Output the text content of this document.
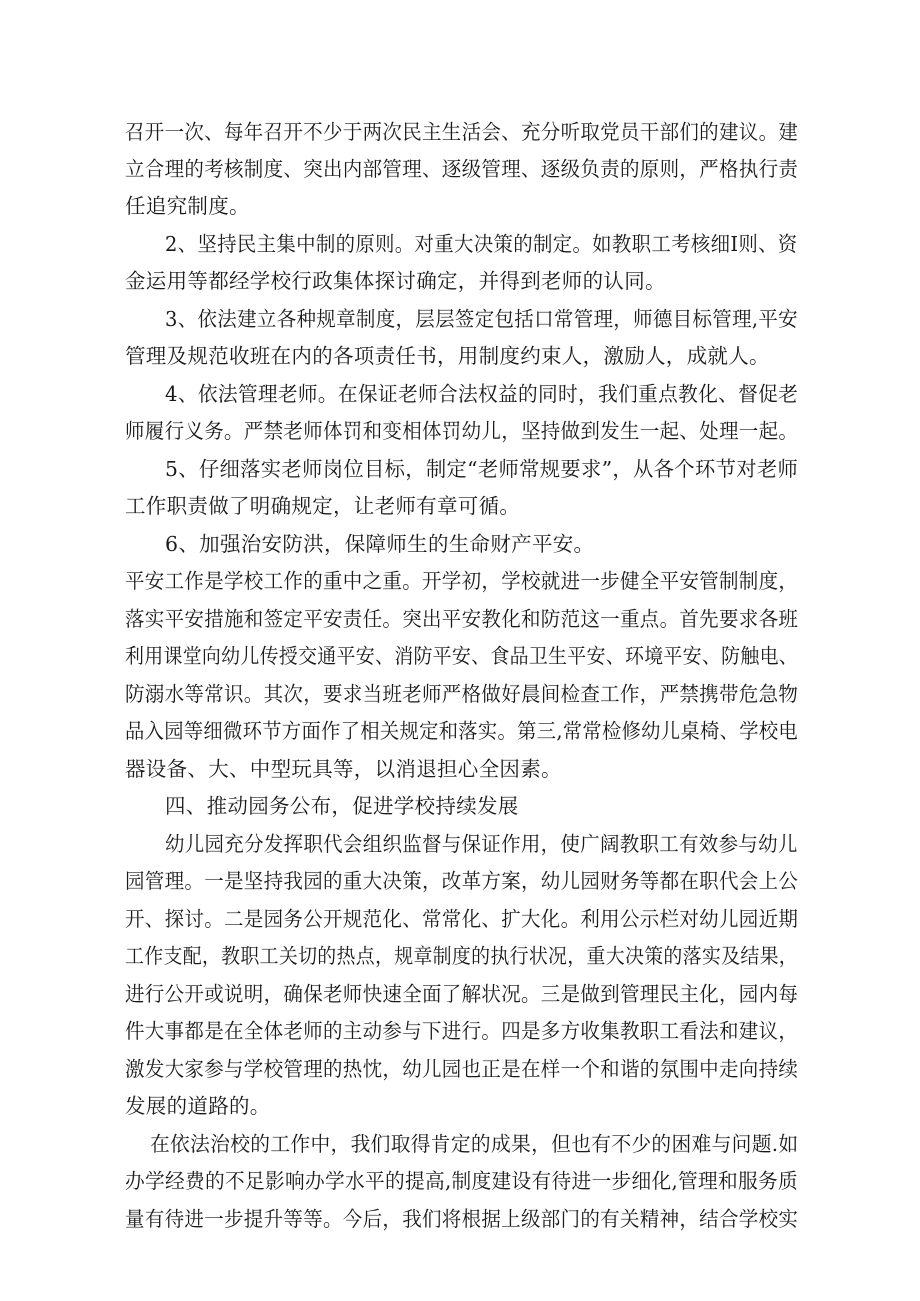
召开一次、每年召开不少于两次民主生活会、充分听取党员干部们的建议。建
立合理的考核制度、突出内部管理、逐级管理、逐级负责的原则，严格执行责
任追究制度。
2、坚持民主集中制的原则。对重大决策的制定。如教职工考核细Ⅰ则、资
金运用等都经学校行政集体探讨确定，并得到老师的认同。
3、依法建立各种规章制度，层层签定包括口常管理，师德目标管理,平安
管理及规范收班在内的各项责任书，用制度约束人，激励人，成就人。
4、依法管理老师。在保证老师合法权益的同时，我们重点教化、督促老
师履行义务。严禁老师体罚和变相体罚幼儿，坚持做到发生一起、处理一起。
5、仔细落实老师岗位目标，制定“老师常规要求”，从各个环节对老师
工作职责做了明确规定，让老师有章可循。
6、加强治安防洪，保障师生的生命财产平安。
平安工作是学校工作的重中之重。开学初，学校就进一步健全平安管制制度，
落实平安措施和签定平安责任。突出平安教化和防范这一重点。首先要求各班
利用课堂向幼儿传授交通平安、消防平安、食品卫生平安、环境平安、防触电、
防溺水等常识。其次，要求当班老师严格做好晨间检查工作，严禁携带危急物
品入园等细微环节方面作了相关规定和落实。第三,常常检修幼儿桌椅、学校电
器设备、大、中型玩具等，以消退担心全因素。
四、推动园务公布，促进学校持续发展
幼儿园充分发挥职代会组织监督与保证作用，使广阔教职工有效参与幼儿
园管理。一是坚持我园的重大决策，改革方案，幼儿园财务等都在职代会上公
开、探讨。二是园务公开规范化、常常化、扩大化。利用公示栏对幼儿园近期
工作支配，教职工关切的热点，规章制度的执行状况，重大决策的落实及结果，
进行公开或说明，确保老师快速全面了解状况。三是做到管理民主化，园内每
件大事都是在全体老师的主动参与下进行。四是多方收集教职工看法和建议，
激发大家参与学校管理的热忱，幼儿园也正是在样一个和谐的氛围中走向持续
发展的道路的。
在依法治校的工作中，我们取得肯定的成果，但也有不少的困难与问题.如
办学经费的不足影响办学水平的提高,制度建设有待进一步细化,管理和服务质
量有待进一步提升等等。今后，我们将根据上级部门的有关精神，结合学校实
